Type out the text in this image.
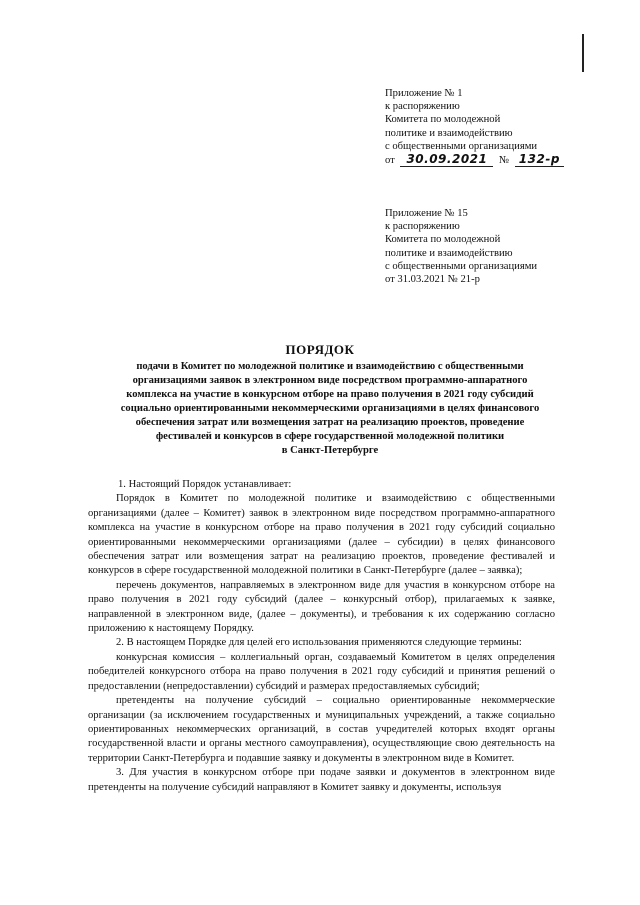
Приложение № 1
к распоряжению
Комитета по молодежной
политике и взаимодействию
с общественными организациями
от 30.09.2021 № 132-р
Приложение № 15
к распоряжению
Комитета по молодежной
политике и взаимодействию
с общественными организациями
от 31.03.2021 № 21-р
ПОРЯДОК
подачи в Комитет по молодежной политике и взаимодействию с общественными
организациями заявок в электронном виде посредством программно-аппаратного
комплекса на участие в конкурсном отборе на право получения в 2021 году субсидий
социально ориентированными некоммерческими организациями в целях финансового
обеспечения затрат или возмещения затрат на реализацию проектов, проведение
фестивалей и конкурсов в сфере государственной молодежной политики
в Санкт-Петербурге

1. Настоящий Порядок устанавливает:

Порядок в Комитет по молодежной политике и взаимодействию с общественными организациями (далее – Комитет) заявок в электронном виде посредством программно-аппаратного комплекса на участие в конкурсном отборе на право получения в 2021 году субсидий социально ориентированными некоммерческими организациями (далее – субсидии) в целях финансового обеспечения затрат или возмещения затрат на реализацию проектов, проведение фестивалей и конкурсов в сфере государственной молодежной политики в Санкт-Петербурге (далее – заявка);

перечень документов, направляемых в электронном виде для участия в конкурсном отборе на право получения в 2021 году субсидий (далее – конкурсный отбор), прилагаемых к заявке, направленной в электронном виде, (далее – документы), и требования к их содержанию согласно приложению к настоящему Порядку.

2. В настоящем Порядке для целей его использования применяются следующие термины:

конкурсная комиссия – коллегиальный орган, создаваемый Комитетом в целях определения победителей конкурсного отбора на право получения в 2021 году субсидий и принятия решений о предоставлении (непредоставлении) субсидий и размерах предоставляемых субсидий;

претенденты на получение субсидий – социально ориентированные некоммерческие организации (за исключением государственных и муниципальных учреждений, а также социально ориентированных некоммерческих организаций, в состав учредителей которых входят органы государственной власти и органы местного самоуправления), осуществляющие свою деятельность на территории Санкт-Петербурга и подавшие заявку и документы в электронном виде в Комитет.

3. Для участия в конкурсном отборе при подаче заявки и документов в электронном виде претенденты на получение субсидий направляют в Комитет заявку и документы, используя
